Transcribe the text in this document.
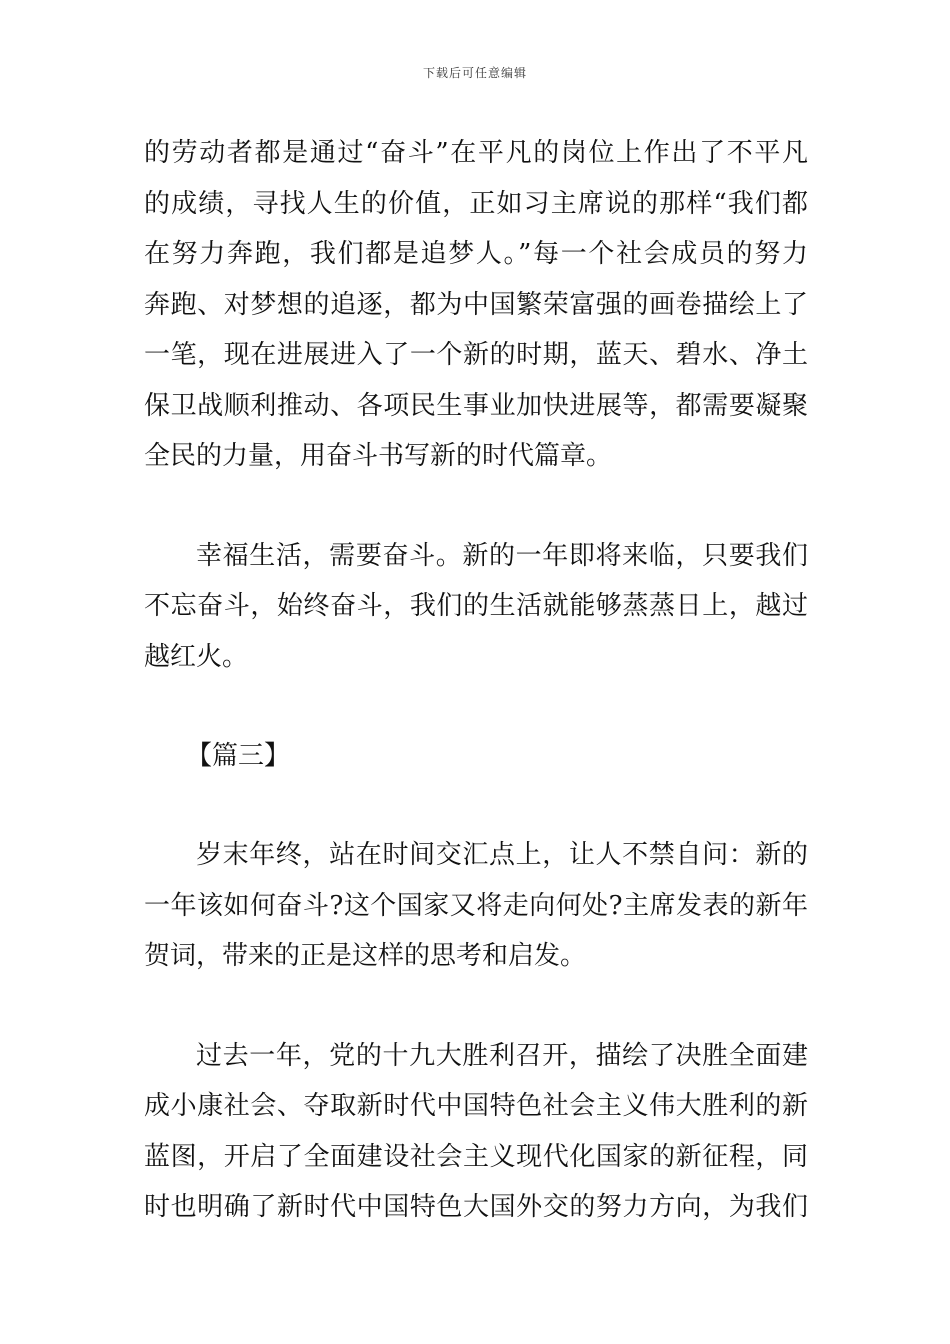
下载后可任意编辑
的劳动者都是通过“奋斗”在平凡的岗位上作出了不平凡
的成绩，寻找人生的价值，正如习主席说的那样“我们都
在努力奔跑，我们都是追梦人。”每一个社会成员的努力
奔跑、对梦想的追逐，都为中国繁荣富强的画卷描绘上了
一笔，现在进展进入了一个新的时期，蓝天、碧水、净土
保卫战顺利推动、各项民生事业加快进展等，都需要凝聚
全民的力量，用奋斗书写新的时代篇章。
幸福生活，需要奋斗。新的一年即将来临，只要我们
不忘奋斗，始终奋斗，我们的生活就能够蒸蒸日上，越过
越红火。
【篇三】
岁末年终，站在时间交汇点上，让人不禁自问：新的
一年该如何奋斗?这个国家又将走向何处?主席发表的新年
贺词，带来的正是这样的思考和启发。
过去一年，党的十九大胜利召开，描绘了决胜全面建
成小康社会、夺取新时代中国特色社会主义伟大胜利的新
蓝图，开启了全面建设社会主义现代化国家的新征程，同
时也明确了新时代中国特色大国外交的努力方向，为我们
